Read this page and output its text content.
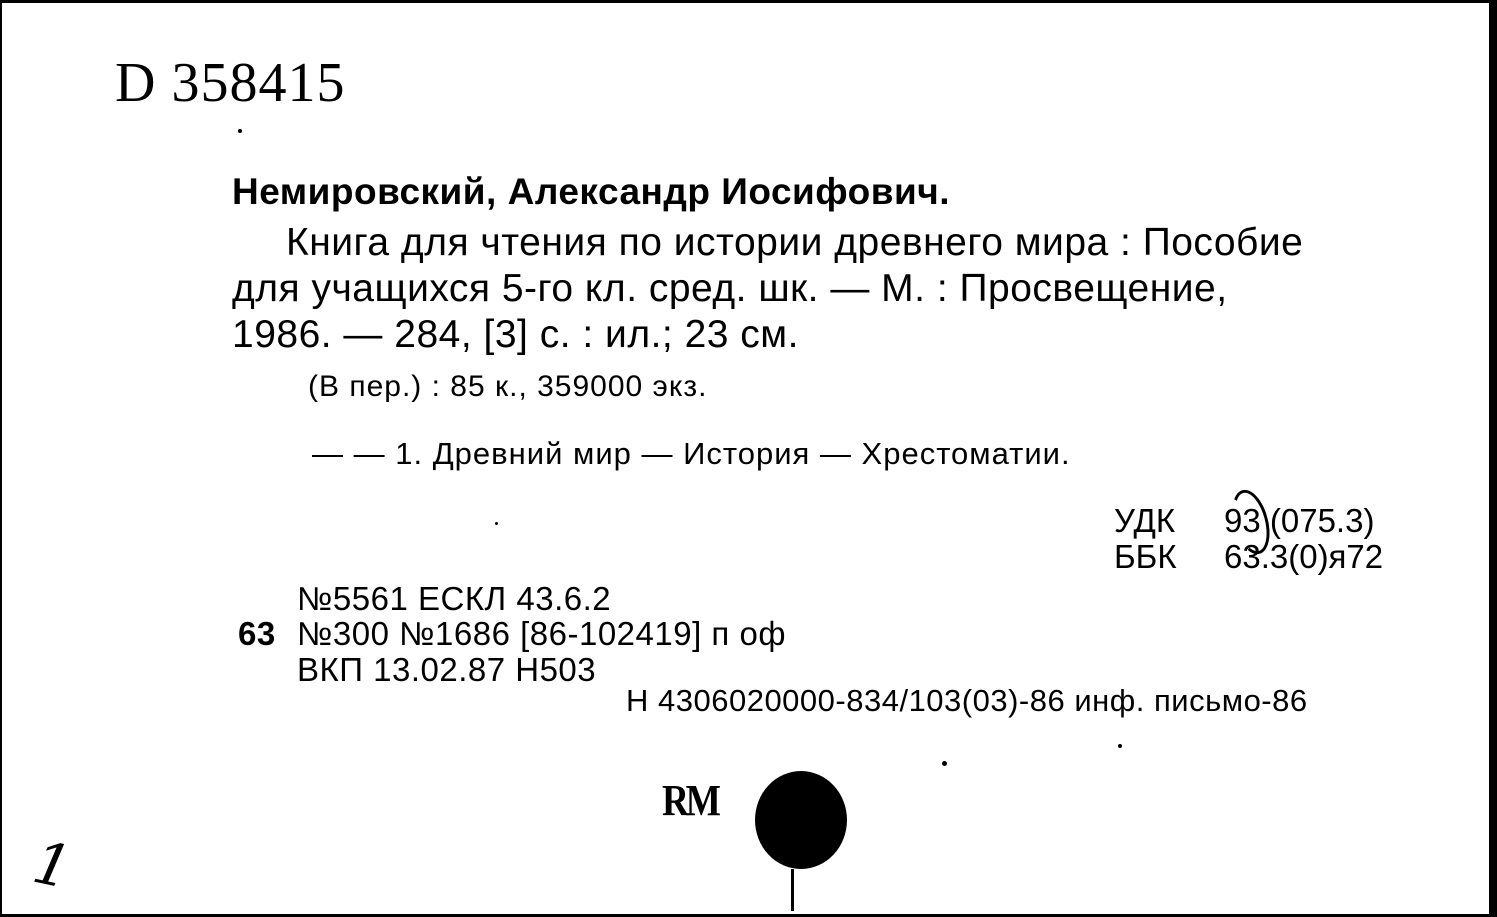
D 358415
Немировский, Александр Иосифович.
Книга для чтения по истории древнего мира : Пособие
для учащихся 5-го кл. сред. шк. — М. : Просвещение,
1986. — 284, [3] с. : ил.; 23 см.
(В пер.) : 85 к., 359000 экз.
— — 1. Древний мир — История — Хрестоматии.
УДК 93 (075.3)
ББК 63.3(0)я72
№5561 ЕСКЛ 43.6.2
63 №300 №1686 [86-102419] п оф
ВКП 13.02.87 Н503
Н 4306020000-834/103(03)-86 инф. письмо-86
RM
1
